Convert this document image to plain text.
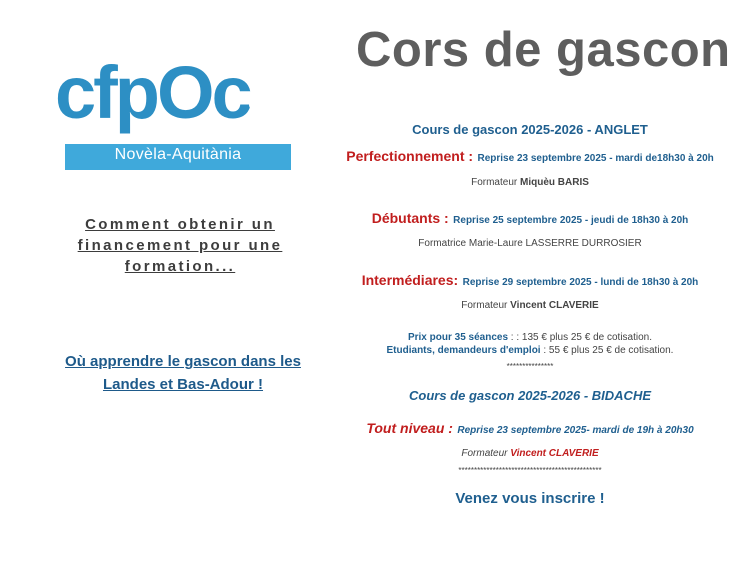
Cors de gascon
cfpOc
Novèla-Aquitània
Comment obtenir un financement pour une formation...
Où apprendre le gascon dans les Landes et Bas-Adour !
Cours de gascon 2025-2026 - ANGLET
Perfectionnement : Reprise 23 septembre 2025 - mardi de18h30 à 20h
Formateur Miquèu BARIS
Débutants : Reprise 25 septembre 2025 - jeudi de 18h30 à 20h
Formatrice Marie-Laure LASSERRE DURROSIER
Intermédiares: Reprise 29 septembre 2025 - lundi de 18h30 à 20h
Formateur Vincent CLAVERIE
Prix pour 35 séances : : 135 € plus 25 € de cotisation.
Etudiants, demandeurs d'emploi : 55 € plus 25 € de cotisation.
***************
Cours de gascon 2025-2026 - BIDACHE
Tout niveau : Reprise 23 septembre 2025- mardi de 19h à 20h30
Formateur Vincent CLAVERIE
**********************************************
Venez vous inscrire !
